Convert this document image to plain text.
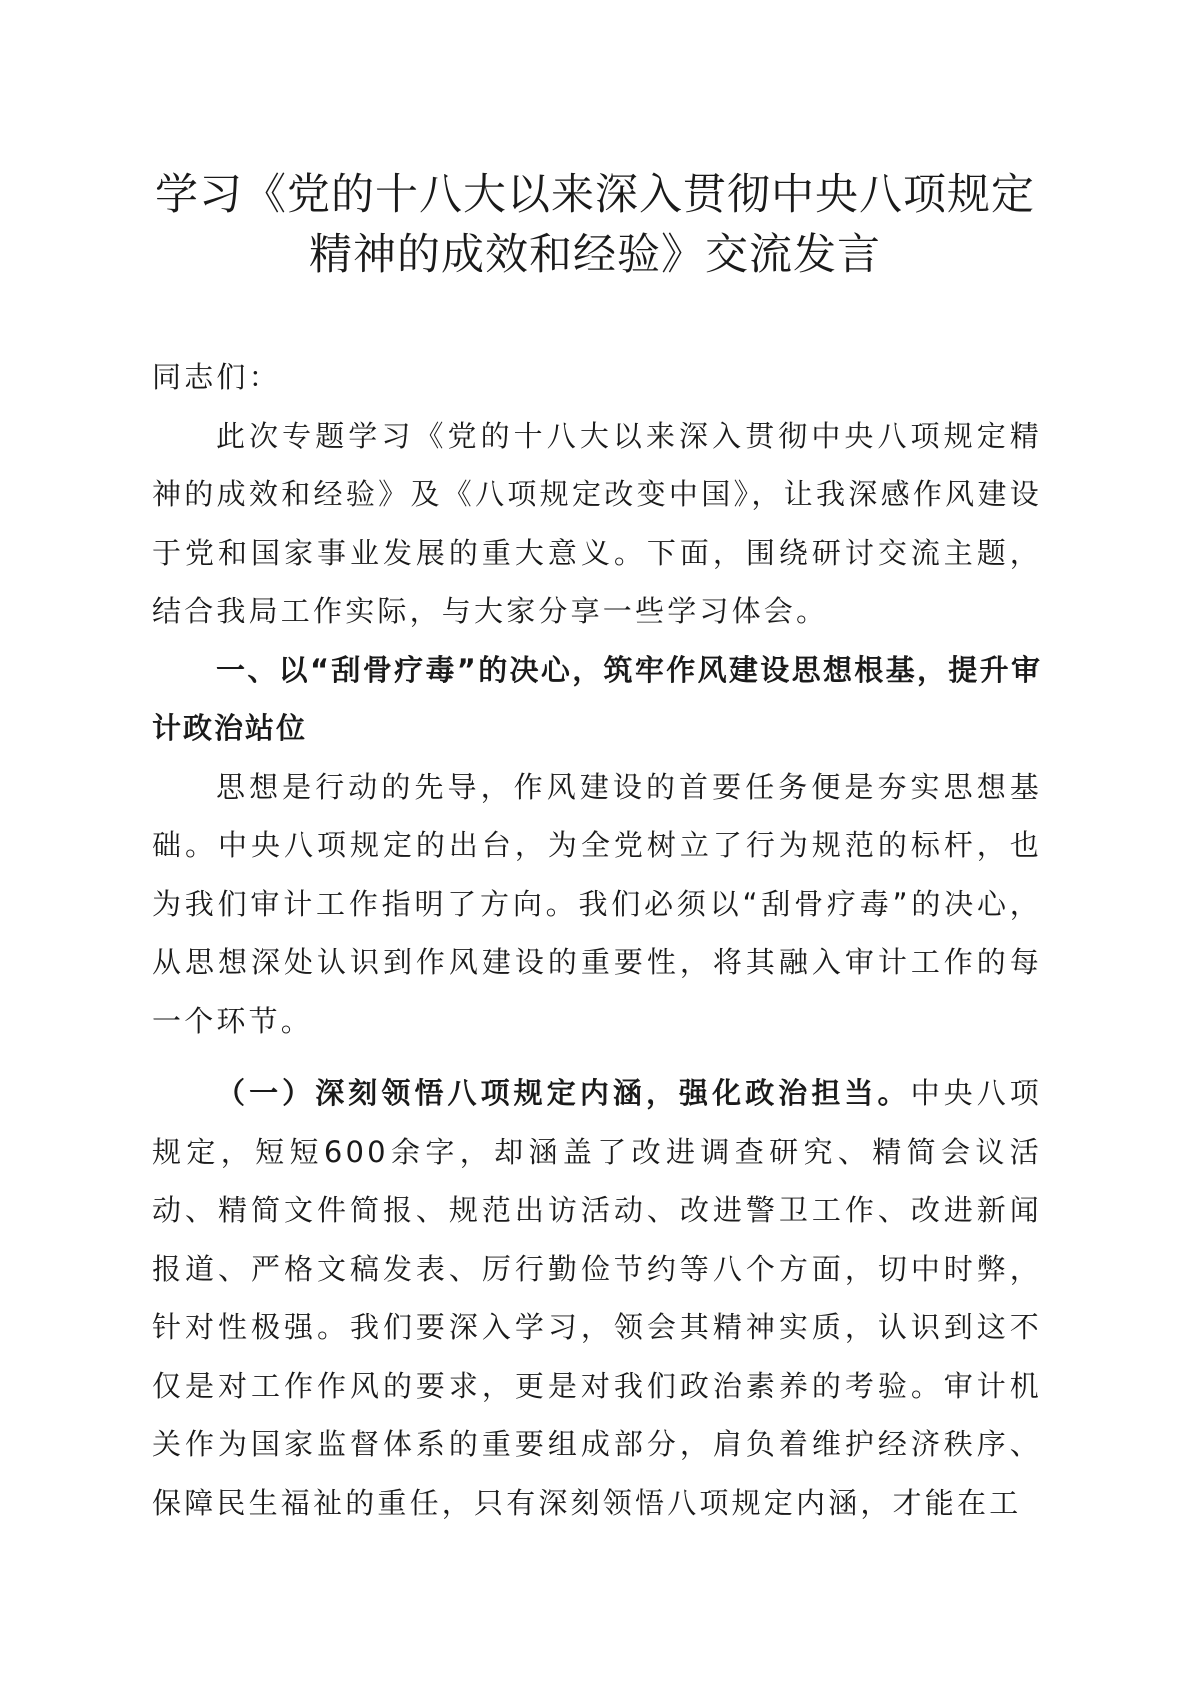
学习《党的十八大以来深入贯彻中央八项规定
精神的成效和经验》交流发言

同志们：

此次专题学习《党的十八大以来深入贯彻中央八项规定精神的成效和经验》及《八项规定改变中国》，让我深感作风建设于党和国家事业发展的重大意义。下面，围绕研讨交流主题，结合我局工作实际，与大家分享一些学习体会。

一、以“刮骨疗毒”的决心，筑牢作风建设思想根基，提升审计政治站位

思想是行动的先导，作风建设的首要任务便是夯实思想基础。中央八项规定的出台，为全党树立了行为规范的标杆，也为我们审计工作指明了方向。我们必须以“刮骨疗毒”的决心，从思想深处认识到作风建设的重要性，将其融入审计工作的每一个环节。

（一）深刻领悟八项规定内涵，强化政治担当。中央八项规定，短短600余字，却涵盖了改进调查研究、精简会议活动、精简文件简报、规范出访活动、改进警卫工作、改进新闻报道、严格文稿发表、厉行勤俭节约等八个方面，切中时弊，针对性极强。我们要深入学习，领会其精神实质，认识到这不仅是对工作作风的要求，更是对我们政治素养的考验。审计机关作为国家监督体系的重要组成部分，肩负着维护经济秩序、保障民生福祉的重任，只有深刻领悟八项规定内涵，才能在工
